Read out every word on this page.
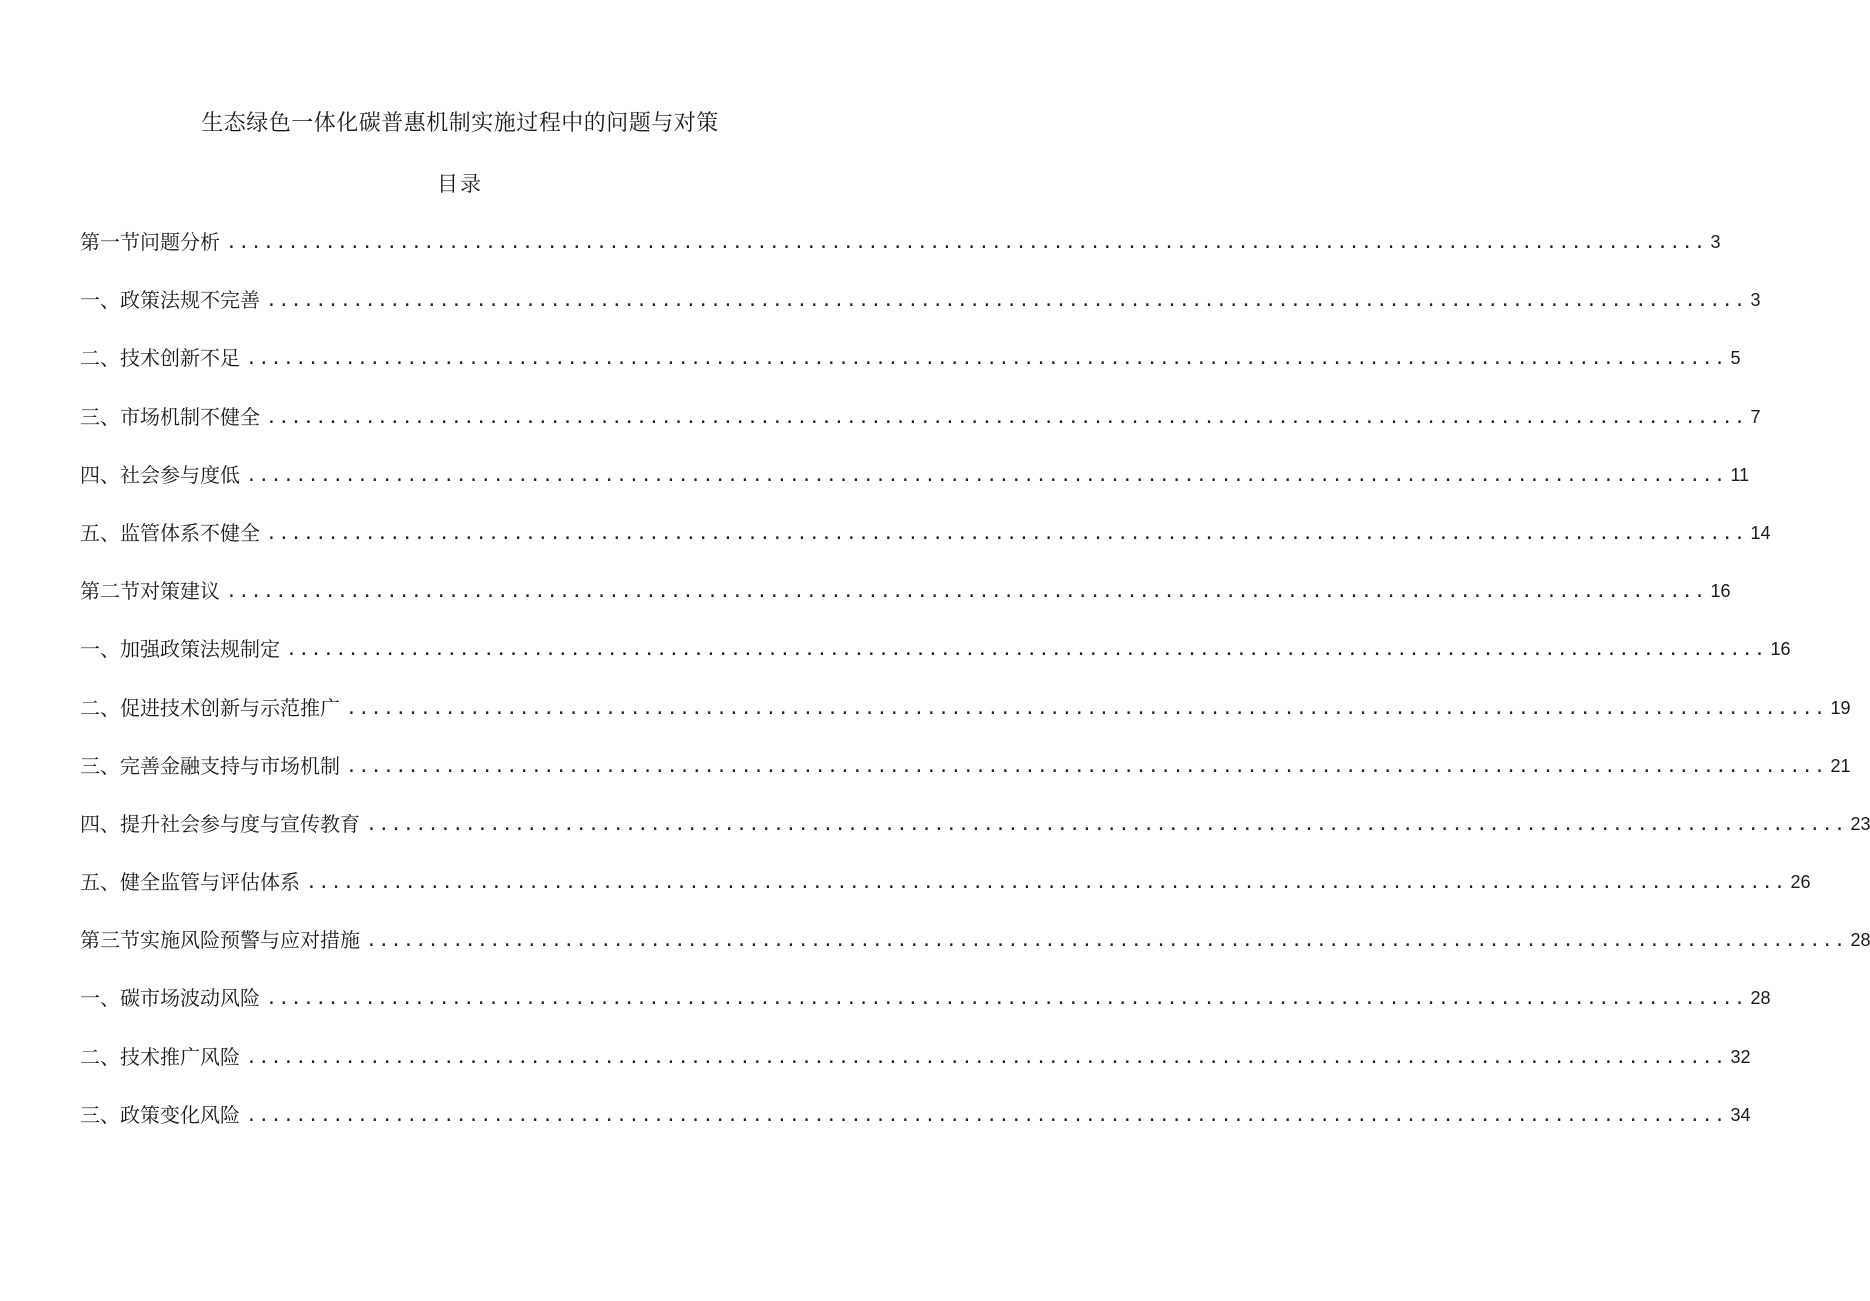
生态绿色一体化碳普惠机制实施过程中的问题与对策
目录
第一节问题分析 ........................................................................................................................ 3
一、政策法规不完善 ........................................................................................................................ 3
二、技术创新不足 ........................................................................................................................ 5
三、市场机制不健全 ........................................................................................................................ 7
四、社会参与度低 ........................................................................................................................ 11
五、监管体系不健全 ........................................................................................................................ 14
第二节对策建议 ........................................................................................................................ 16
一、加强政策法规制定 ........................................................................................................................ 16
二、促进技术创新与示范推广 ........................................................................................................................ 19
三、完善金融支持与市场机制 ........................................................................................................................ 21
四、提升社会参与度与宣传教育 ........................................................................................................................ 23
五、健全监管与评估体系 ........................................................................................................................ 26
第三节实施风险预警与应对措施 ........................................................................................................................ 28
一、碳市场波动风险 ........................................................................................................................ 28
二、技术推广风险 ........................................................................................................................ 32
三、政策变化风险 ........................................................................................................................ 34
